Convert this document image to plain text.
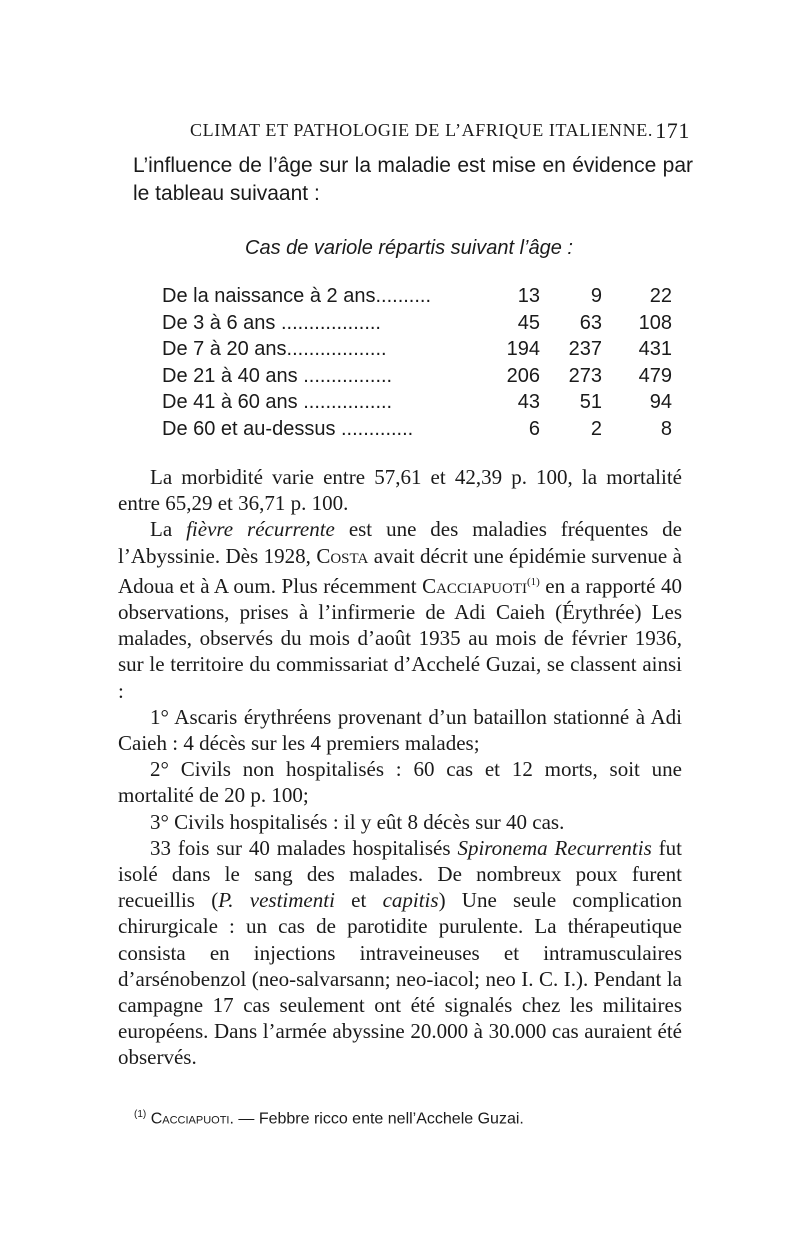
CLIMAT ET PATHOLOGIE DE L’AFRIQUE ITALIENNE. 171
L’influence de l’âge sur la maladie est mise en évidence par le tableau suivaant :
Cas de variole répartis suivant l’âge :
De la naissance à 2 ans..........	13	9	22
De 3 à 6 ans ..................	45	63	108
De 7 à 20 ans..................	194	237	431
De 21 à 40 ans ................	206	273	479
De 41 à 60 ans ................	43	51	94
De 60 et au-dessus .............	6	2	8

La morbidité varie entre 57,61 et 42,39 p. 100, la mortalité entre 65,29 et 36,71 p. 100.

La fièvre récurrente est une des maladies fréquentes de l’Abyssinie. Dès 1928, Costa avait décrit une épidémie survenue à Adoua et à A oum. Plus récemment Cacciapuoti$^{(1)}$ en a rapporté 40 observations, prises à l’infirmerie de Adi Caieh (Érythrée) Les malades, observés du mois d’août 1935 au mois de février 1936, sur le territoire du commissariat d’Acchelé Guzai, se classent ainsi :

1° Ascaris érythréens provenant d’un bataillon stationné à Adi Caieh : 4 décès sur les 4 premiers malades;

2° Civils non hospitalisés : 60 cas et 12 morts, soit une mortalité de 20 p. 100;

3° Civils hospitalisés : il y eût 8 décès sur 40 cas.

33 fois sur 40 malades hospitalisés Spironema Recurrentis fut isolé dans le sang des malades. De nombreux poux furent recueillis (P. vestimenti et capitis) Une seule complication chirurgicale : un cas de parotidite purulente. La thérapeutique consista en injections intraveineuses et intramusculaires d’arsénobenzol (neo-salvarsann; neo-iacol; neo I. C. I.). Pendant la campagne 17 cas seulement ont été signalés chez les militaires européens. Dans l’armée abyssine 20.000 à 30.000 cas auraient été observés.

$^{(1)}$ Cacciapuoti. — Febbre ricco ente nell’Acchele Guzai.
